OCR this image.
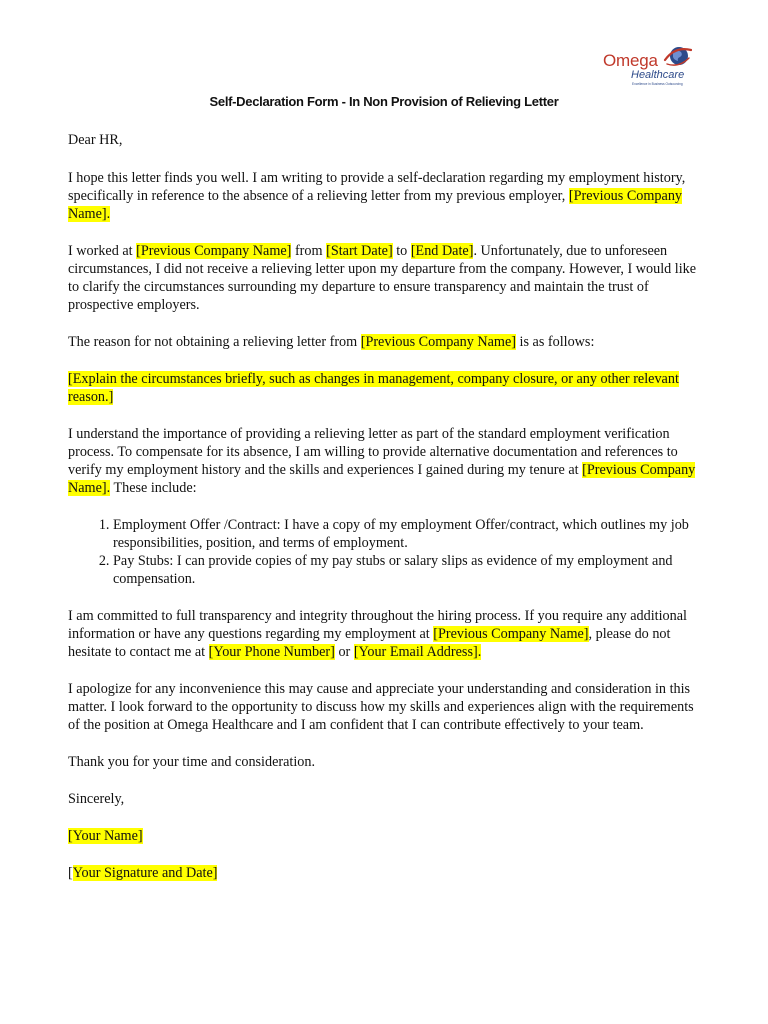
Omega
Healthcare
Excellence in Business Outsourcing
Self-Declaration Form - In Non Provision of Relieving Letter

Dear HR,

I hope this letter finds you well. I am writing to provide a self-declaration regarding my employment history, specifically in reference to the absence of a relieving letter from my previous employer, [Previous Company Name].

I worked at [Previous Company Name] from [Start Date] to [End Date]. Unfortunately, due to unforeseen circumstances, I did not receive a relieving letter upon my departure from the company. However, I would like to clarify the circumstances surrounding my departure to ensure transparency and maintain the trust of prospective employers.

The reason for not obtaining a relieving letter from [Previous Company Name] is as follows:

[Explain the circumstances briefly, such as changes in management, company closure, or any other relevant reason.]

I understand the importance of providing a relieving letter as part of the standard employment verification process. To compensate for its absence, I am willing to provide alternative documentation and references to verify my employment history and the skills and experiences I gained during my tenure at [Previous Company Name]. These include:

1. Employment Offer /Contract: I have a copy of my employment Offer/contract, which outlines my job responsibilities, position, and terms of employment.
2. Pay Stubs: I can provide copies of my pay stubs or salary slips as evidence of my employment and compensation.

I am committed to full transparency and integrity throughout the hiring process. If you require any additional information or have any questions regarding my employment at [Previous Company Name], please do not hesitate to contact me at [Your Phone Number] or [Your Email Address].

I apologize for any inconvenience this may cause and appreciate your understanding and consideration in this matter. I look forward to the opportunity to discuss how my skills and experiences align with the requirements of the position at Omega Healthcare and I am confident that I can contribute effectively to your team.

Thank you for your time and consideration.

Sincerely,

[Your Name]

[Your Signature and Date]
